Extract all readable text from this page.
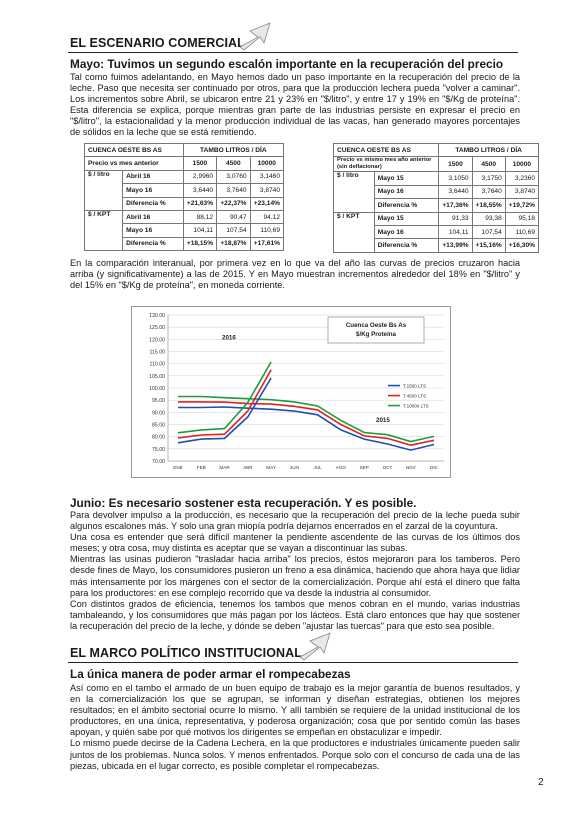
EL ESCENARIO COMERCIAL
Mayo: Tuvimos un segundo escalón importante en la recuperación del precio
Tal como fuimos adelantando, en Mayo hemos dado un paso importante en la recuperación del precio de la leche. Paso que necesita ser continuado por otros, para que la producción lechera pueda "volver a caminar". Los incrementos sobre Abril, se ubicaron entre 21 y 23% en "$/litro", y entre 17 y 19% en "$/Kg de proteína". Esta diferencia se explica, porque mientras gran parte de las industrias persiste en expresar el precio en "$/litro", la estacionalidad y la menor producción individual de las vacas, han generado mayores porcentajes de sólidos en la leche que se está remitiendo.
CUENCA OESTE BS AS		TAMBO LITROS / DÍA		
Precio vs mes anterior		1500	4500	10000
$ / litro	Abril 16	2,9960	3,0760	3,1460
	Mayo 16	3,6440	3,7640	3,8740
	Diferencia %	+21,63%	+22,37%	+23,14%
$ / KPT	Abril 16	88,12	90,47	94,12
	Mayo 16	104,11	107,54	110,69
	Diferencia %	+18,15%	+18,87%	+17,61%
CUENCA OESTE BS AS		TAMBO LITROS / DÍA		
Precio vs mismo mes año anterior (sin deflacionar)		1500	4500	10000
$ / litro	Mayo 15	3,1050	3,1750	3,2360
	Mayo 16	3,6440	3,7640	3,8740
	Diferencia %	+17,36%	+18,55%	+19,72%
$ / KPT	Mayo 15	91,33	93,38	95,18
	Mayo 16	104,11	107,54	110,69
	Diferencia %	+13,99%	+15,16%	+16,30%
En la comparación interanual, por primera vez en lo que va del año las curvas de precios cruzaron hacia arriba (y significativamente) a las de 2015. Y en Mayo muestran incrementos alrededor del 18% en "$/litro" y del 15% en "$/Kg de proteína", en moneda corriente.
70.00
75.00
80.00
85.00
90.00
95.00
100.00
105.00
110.00
115.00
120.00
125.00
130.00
ENE	FEB	MAR	ABR	MAY	JUN	JUL	AGO	SEP	OCT	NOV	DIC
Cuenca Oeste Bs As
$/Kg Proteína
2016
2015
T.1500 LTS
T.4500 LTS
T.10000 LTS
Junio: Es necesario sostener esta recuperación. Y es posible.

Para devolver impulso a la producción, es necesario que la recuperación del precio de la leche pueda subir algunos escalones más. Y solo una gran miopía podría dejarnos encerrados en el zarzal de la coyuntura.

Una cosa es entender que será difícil mantener la pendiente ascendente de las curvas de los últimos dos meses; y otra cosa, muy distinta es aceptar que se vayan a discontinuar las subas.

Mientras las usinas pudieron "trasladar hacia arriba" los precios, éstos mejoraron para los tamberos. Pero desde fines de Mayo, los consumidores pusieron un freno a esa dinámica, haciendo que ahora haya que lidiar más intensamente por los márgenes con el sector de la comercialización. Porque ahí está el dinero que falta para los productores: en ese complejo recorrido que va desde la industria al consumidor.

Con distintos grados de eficiencia, tenemos los tambos que menos cobran en el mundo, varias industrias tambaleando, y los consumidores que más pagan por los lácteos. Está claro entonces que hay que sostener la recuperación del precio de la leche, y dónde se deben "ajustar las tuercas" para que esto sea posible.

EL MARCO POLÍTICO INSTITUCIONAL
La única manera de poder armar el rompecabezas

Así como en el tambo el armado de un buen equipo de trabajo es la mejor garantía de buenos resultados, y en la comercialización los que se agrupan, se informan y diseñan estrategias, obtienen los mejores resultados; en el ámbito sectorial ocurre lo mismo. Y allí también se requiere de la unidad institucional de los productores, en una única, representativa, y poderosa organización; cosa que por sentido común las bases apoyan, y quién sabe por qué motivos los dirigentes se empeñan en obstaculizar e impedir.

Lo mismo puede decirse de la Cadena Lechera, en la que productores e industriales únicamente pueden salir juntos de los problemas. Nunca solos. Y menos enfrentados. Porque solo con el concurso de cada una de las piezas, ubicada en el lugar correcto, es posible completar el rompecabezas.

2
